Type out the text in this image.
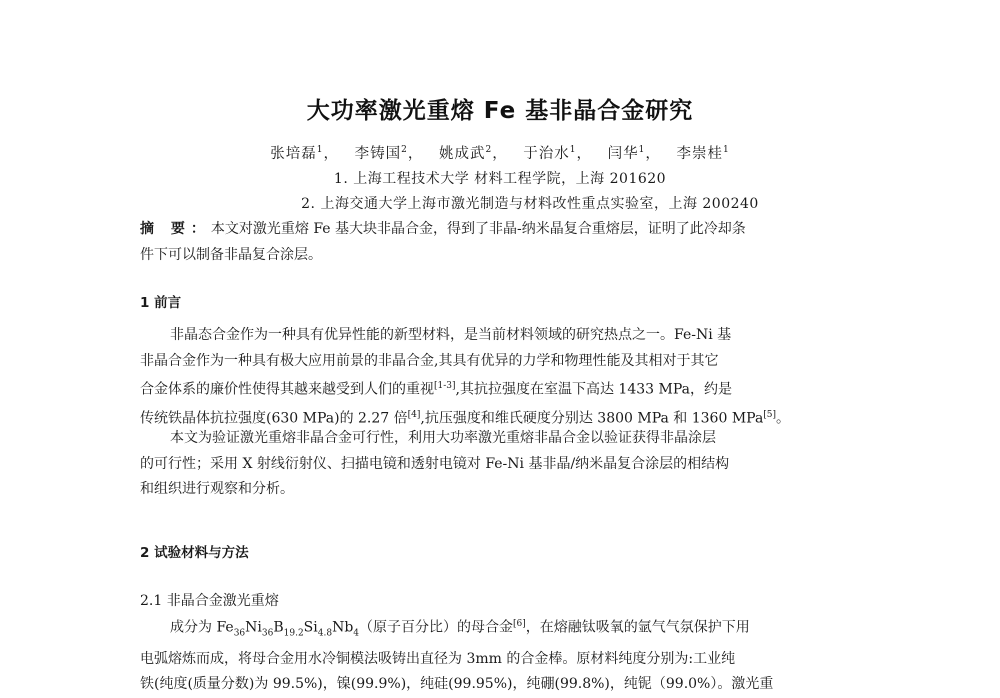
大功率激光重熔 Fe 基非晶合金研究
张培磊$^1$， 李铸国$^2$， 姚成武$^2$， 于治水$^1$， 闫华$^1$， 李崇桂$^1$
1. 上海工程技术大学 材料工程学院，上海 201620
2. 上海交通大学上海市激光制造与材料改性重点实验室，上海 200240
摘 要：本文对激光重熔 Fe 基大块非晶合金，得到了非晶-纳米晶复合重熔层，证明了此冷却条
件下可以制备非晶复合涂层。
1 前言
非晶态合金作为一种具有优异性能的新型材料，是当前材料领域的研究热点之一。Fe-Ni 基
非晶合金作为一种具有极大应用前景的非晶合金,其具有优异的力学和物理性能及其相对于其它
合金体系的廉价性使得其越来越受到人们的重视[1-3],其抗拉强度在室温下高达 1433 MPa，约是
传统铁晶体抗拉强度(630 MPa)的 2.27 倍[4],抗压强度和维氏硬度分别达 3800 MPa 和 1360 MPa[5]。
本文为验证激光重熔非晶合金可行性，利用大功率激光重熔非晶合金以验证获得非晶涂层
的可行性；采用 X 射线衍射仪、扫描电镜和透射电镜对 Fe-Ni 基非晶/纳米晶复合涂层的相结构
和组织进行观察和分析。
2 试验材料与方法
2.1 非晶合金激光重熔
成分为 $Fe_{36}Ni_{36}B_{19.2}Si_{4.8}Nb_4$（原子百分比）的母合金[6]，在熔融钛吸氧的氩气气氛保护下用
电弧熔炼而成，将母合金用水冷铜模法吸铸出直径为 3mm 的合金棒。原材料纯度分别为:工业纯
铁(纯度(质量分数)为 99.5%)，镍(99.9%)，纯硅(99.95%)，纯硼(99.8%)，纯铌（99.0%）。激光重
